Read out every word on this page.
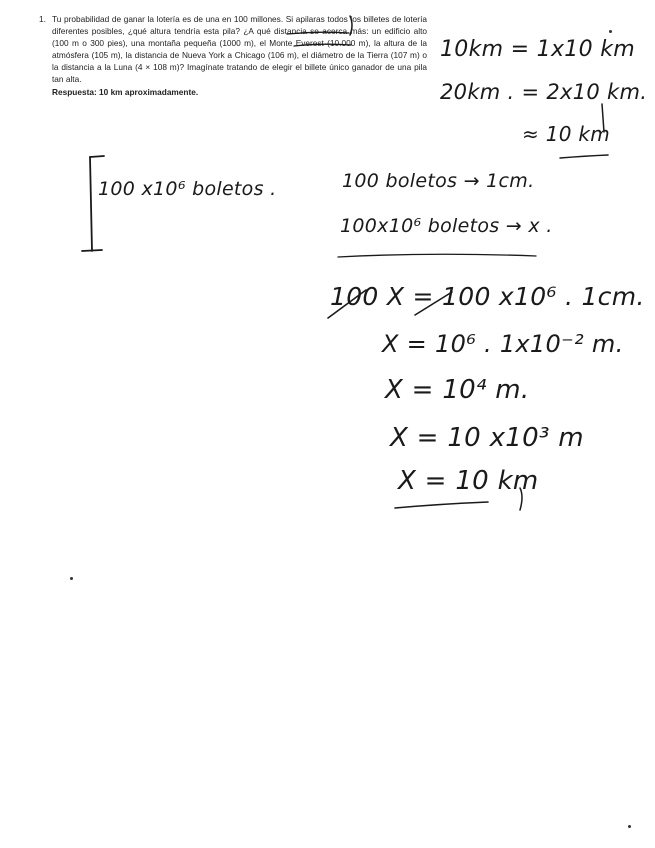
1. Tu probabilidad de ganar la lotería es de una en 100 millones. Si apilaras todos los billetes de lotería diferentes posibles, ¿qué altura tendría esta pila? ¿A qué distancia se acerca más: un edificio alto (100 m o 300 pies), una montaña pequeña (1000 m), el Monte Everest (10.000 m), la altura de la atmósfera (105 m), la distancia de Nueva York a Chicago (106 m), el diámetro de la Tierra (107 m) o la distancia a la Luna (4 × 108 m)? Imagínate tratando de elegir el billete único ganador de una pila tan alta.
Respuesta: 10 km aproximadamente.
10km = 1x10 km
20km . = 2x10 km.
≈ 10 km
100 x10⁶ boletos .	100 boletos → 1cm.
100x10⁶ boletos → x .
100 X = 100 x10⁶ . 1cm.
X = 10⁶ . 1x10⁻² m.
X = 10⁴ m.
X = 10 x10³ m
X = 10 km
